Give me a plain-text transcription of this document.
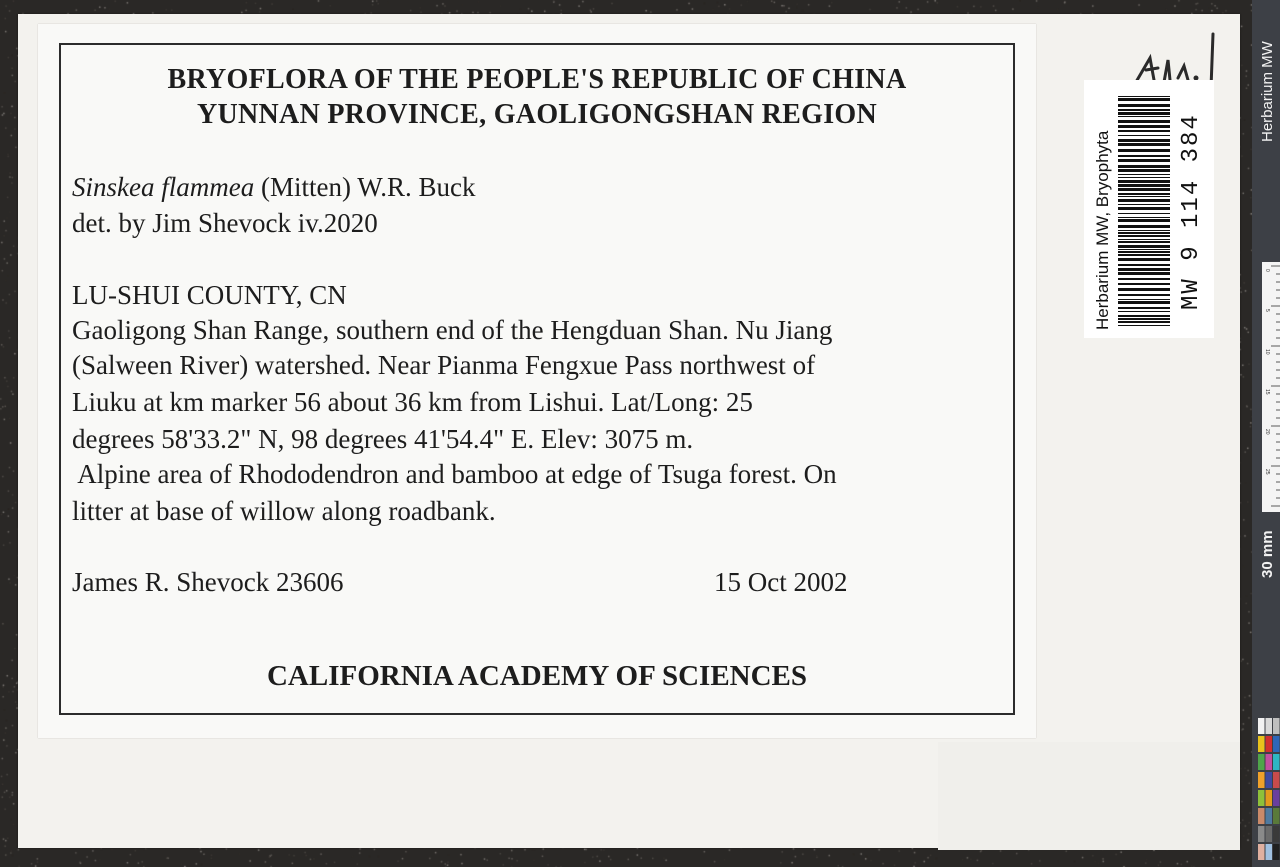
BRYOFLORA OF THE PEOPLE'S REPUBLIC OF CHINA
YUNNAN PROVINCE, GAOLIGONGSHAN REGION
Sinskea flammea (Mitten) W.R. Buck
det. by Jim Shevock iv.2020
LU-SHUI COUNTY, CN
Gaoligong Shan Range, southern end of the Hengduan Shan. Nu Jiang
(Salween River) watershed. Near Pianma Fengxue Pass northwest of
Liuku at km marker 56 about 36 km from Lishui. Lat/Long: 25
degrees 58'33.2" N, 98 degrees 41'54.4" E. Elev: 3075 m.
Alpine area of Rhododendron and bamboo at edge of Tsuga forest. On
litter at base of willow along roadbank.
James R. Shevock 23606	15 Oct 2002
CALIFORNIA ACADEMY OF SCIENCES
Herbarium MW, Bryophyta	MW 9 114 384
Herbarium MW
0
5
10
15
20
25
30 mm
